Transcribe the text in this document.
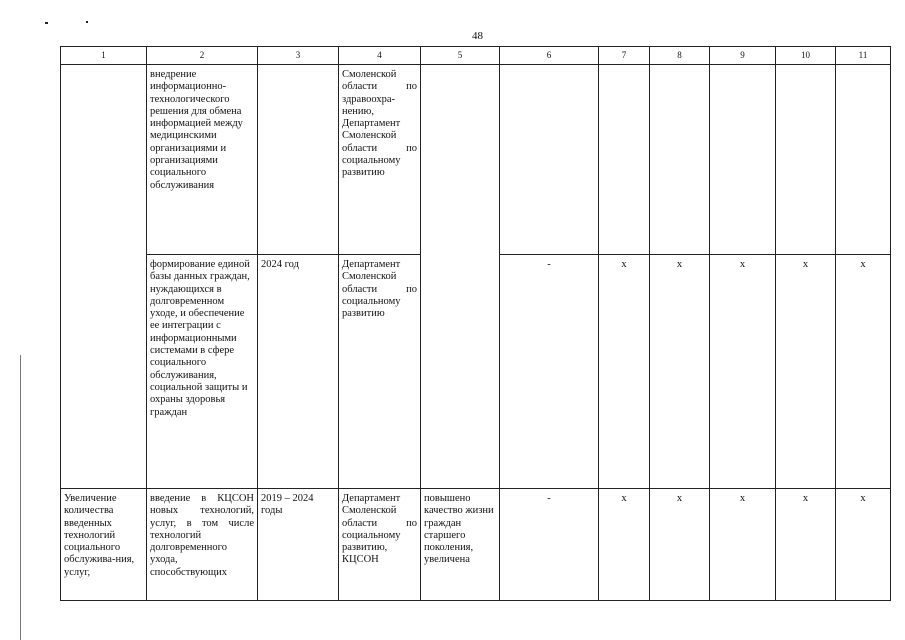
48
1	2	3	4	5	6	7	8	9	10	11
	внедрение информационно-технологического решения для обмена информацией между медицинскими организациями и организациями социального обслуживания		Смоленской области по здравоохра-нению, Департамент Смоленской области по социальному развитию							
	формирование единой базы данных граждан, нуждающихся в долговременном уходе, и обеспечение ее интеграции с информационными системами в сфере социального обслуживания, социальной защиты и охраны здоровья граждан	2024 год	Департамент Смоленской области по социальному развитию		-	x	x	x	x	x
Увеличение количества введенных технологий социального обслужива-ния, услуг,	введение в КЦСОН новых технологий, услуг, в том числе технологий долговременного ухода, способствующих	2019 – 2024 годы	Департамент Смоленской области по социальному развитию, КЦСОН	повышено качество жизни граждан старшего поколения, увеличена	-	x	x	x	x	x
